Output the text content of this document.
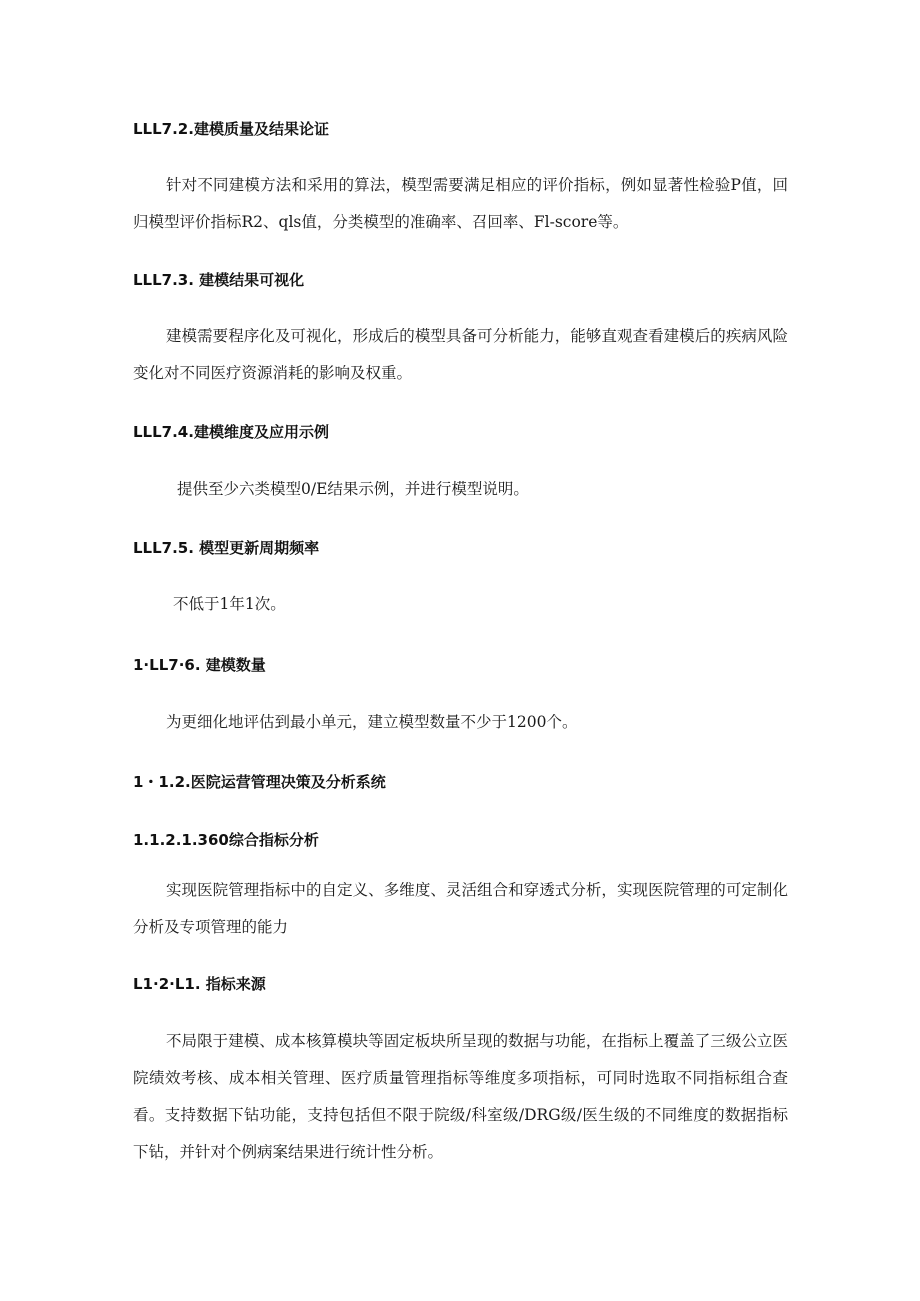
LLL7.2.建模质量及结果论证
针对不同建模方法和采用的算法，模型需要满足相应的评价指标，例如显著性检验P值，回归模型评价指标R2、qls值，分类模型的准确率、召回率、Fl-score等。
LLL7.3. 建模结果可视化
建模需要程序化及可视化，形成后的模型具备可分析能力，能够直观查看建模后的疾病风险变化对不同医疗资源消耗的影响及权重。
LLL7.4.建模维度及应用示例
提供至少六类模型0/E结果示例，并进行模型说明。
LLL7.5. 模型更新周期频率
不低于1年1次。
1·LL7·6. 建模数量
为更细化地评估到最小单元，建立模型数量不少于1200个。
1・1.2.医院运营管理决策及分析系统
1.1.2.1.360综合指标分析
实现医院管理指标中的自定义、多维度、灵活组合和穿透式分析，实现医院管理的可定制化分析及专项管理的能力
L1·2·L1. 指标来源
不局限于建模、成本核算模块等固定板块所呈现的数据与功能，在指标上覆盖了三级公立医院绩效考核、成本相关管理、医疗质量管理指标等维度多项指标，可同时选取不同指标组合查看。支持数据下钻功能，支持包括但不限于院级/科室级/DRG级/医生级的不同维度的数据指标下钻，并针对个例病案结果进行统计性分析。
